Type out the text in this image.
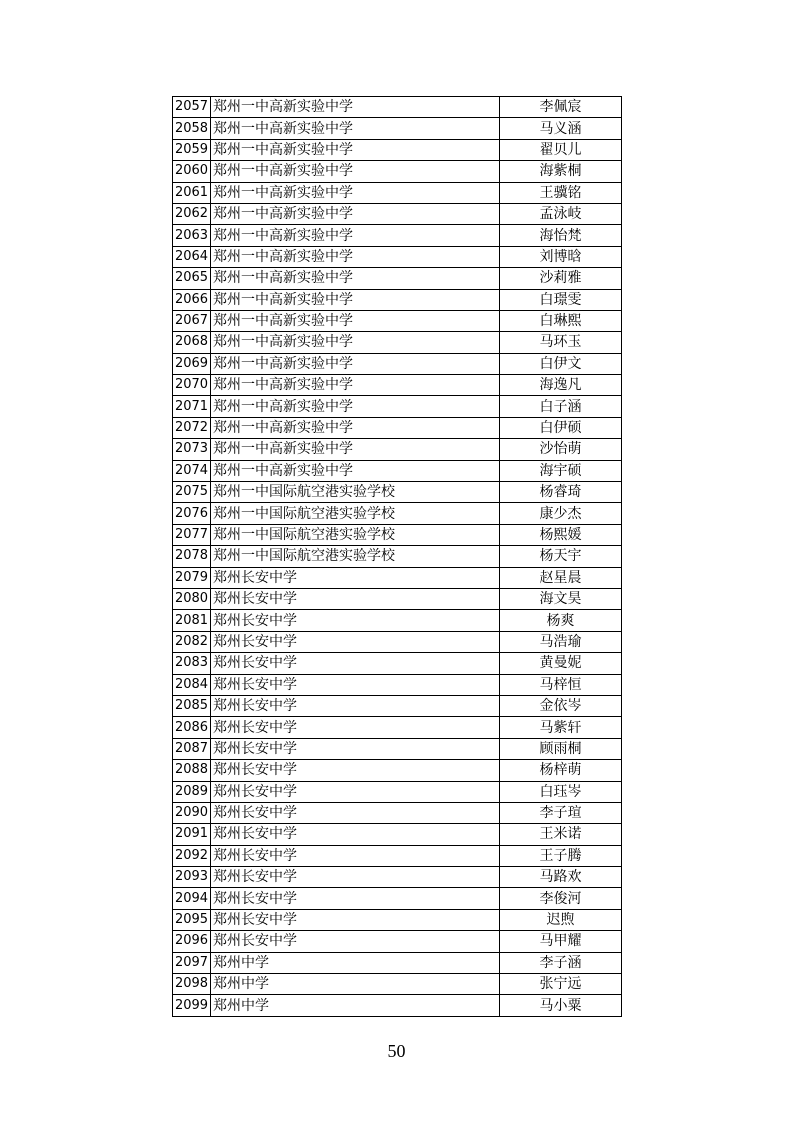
2057	郑州一中高新实验中学	李佩宸
2058	郑州一中高新实验中学	马义涵
2059	郑州一中高新实验中学	翟贝儿
2060	郑州一中高新实验中学	海紫桐
2061	郑州一中高新实验中学	王骥铭
2062	郑州一中高新实验中学	孟泳岐
2063	郑州一中高新实验中学	海怡梵
2064	郑州一中高新实验中学	刘博晗
2065	郑州一中高新实验中学	沙莉雅
2066	郑州一中高新实验中学	白璟雯
2067	郑州一中高新实验中学	白琳熙
2068	郑州一中高新实验中学	马环玉
2069	郑州一中高新实验中学	白伊文
2070	郑州一中高新实验中学	海逸凡
2071	郑州一中高新实验中学	白子涵
2072	郑州一中高新实验中学	白伊硕
2073	郑州一中高新实验中学	沙怡萌
2074	郑州一中高新实验中学	海宇硕
2075	郑州一中国际航空港实验学校	杨睿琦
2076	郑州一中国际航空港实验学校	康少杰
2077	郑州一中国际航空港实验学校	杨熙媛
2078	郑州一中国际航空港实验学校	杨天宇
2079	郑州长安中学	赵星晨
2080	郑州长安中学	海文昊
2081	郑州长安中学	杨爽
2082	郑州长安中学	马浩瑜
2083	郑州长安中学	黄曼妮
2084	郑州长安中学	马梓恒
2085	郑州长安中学	金依岑
2086	郑州长安中学	马紫轩
2087	郑州长安中学	顾雨桐
2088	郑州长安中学	杨梓萌
2089	郑州长安中学	白珏岑
2090	郑州长安中学	李子瑄
2091	郑州长安中学	王米诺
2092	郑州长安中学	王子腾
2093	郑州长安中学	马路欢
2094	郑州长安中学	李俊河
2095	郑州长安中学	迟煦
2096	郑州长安中学	马甲耀
2097	郑州中学	李子涵
2098	郑州中学	张宁远
2099	郑州中学	马小粟
50
